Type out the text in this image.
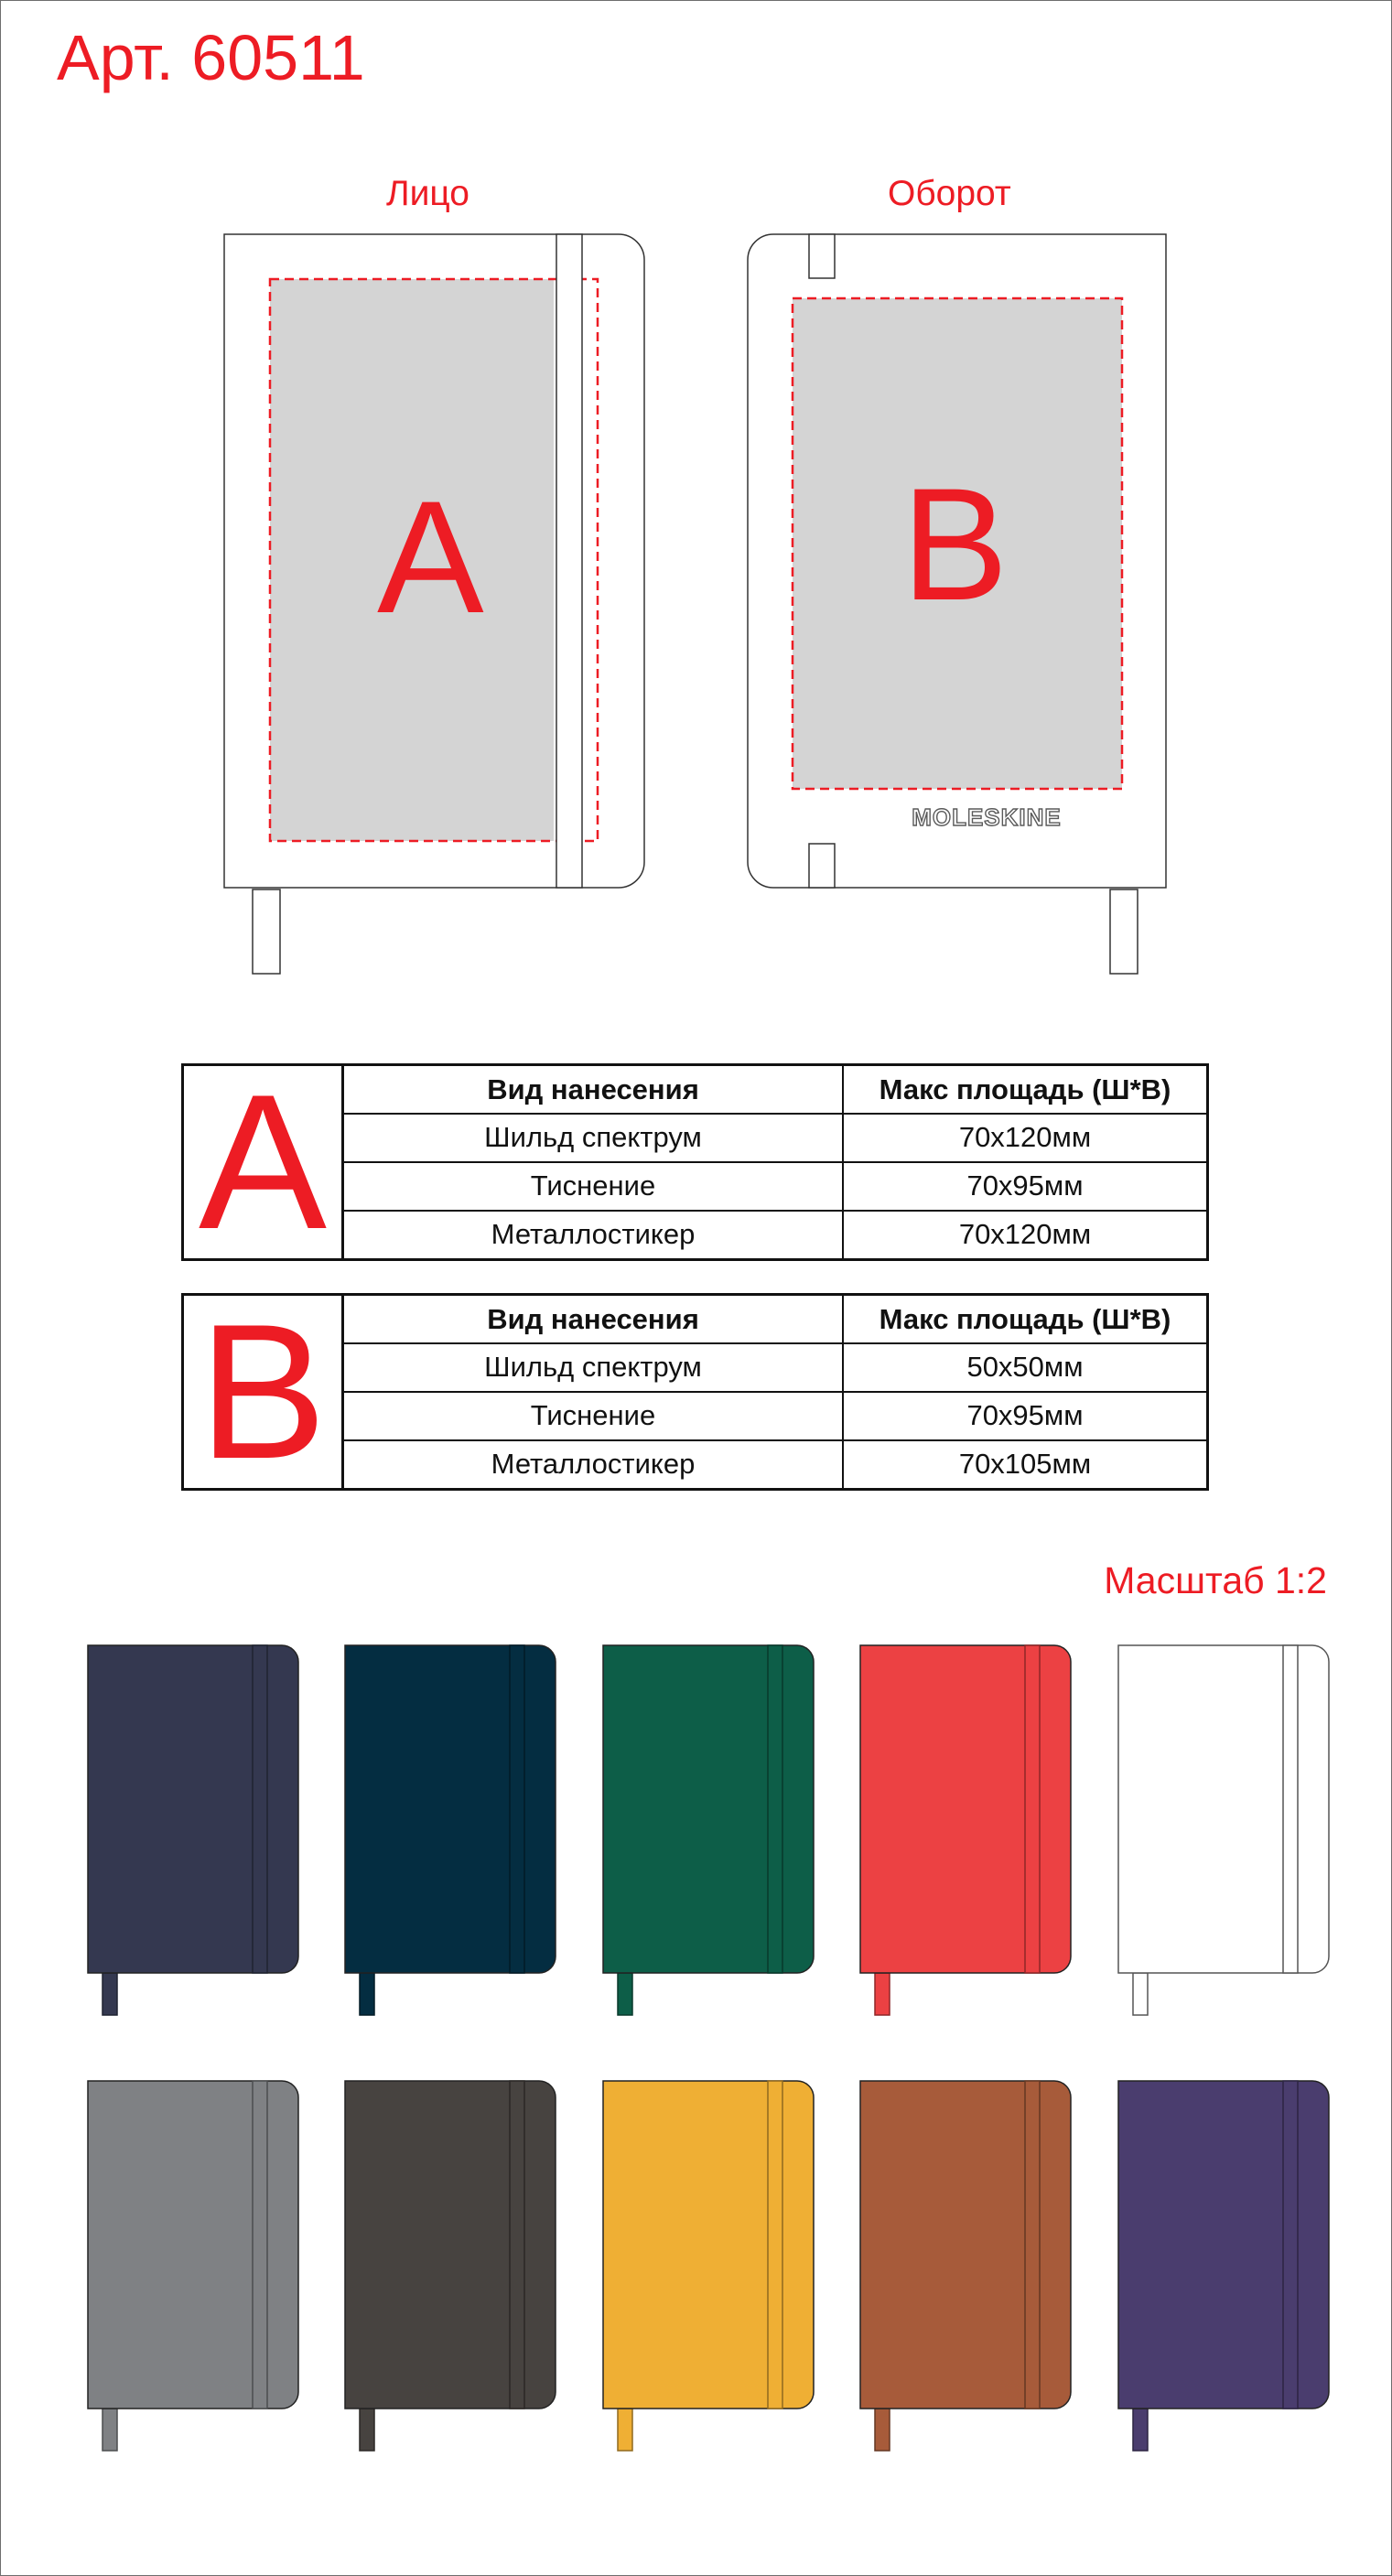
Арт. 60511
Лицо	Оборот
A	B
MOLESKINE
A	Вид нанесения	Макс площадь (Ш*В)
	Шильд спектрум	70х120мм
	Тиснение	70х95мм
	Металлостикер	70х120мм
B	Вид нанесения	Макс площадь (Ш*В)
	Шильд спектрум	50х50мм
	Тиснение	70х95мм
	Металлостикер	70х105мм
Масштаб 1:2
